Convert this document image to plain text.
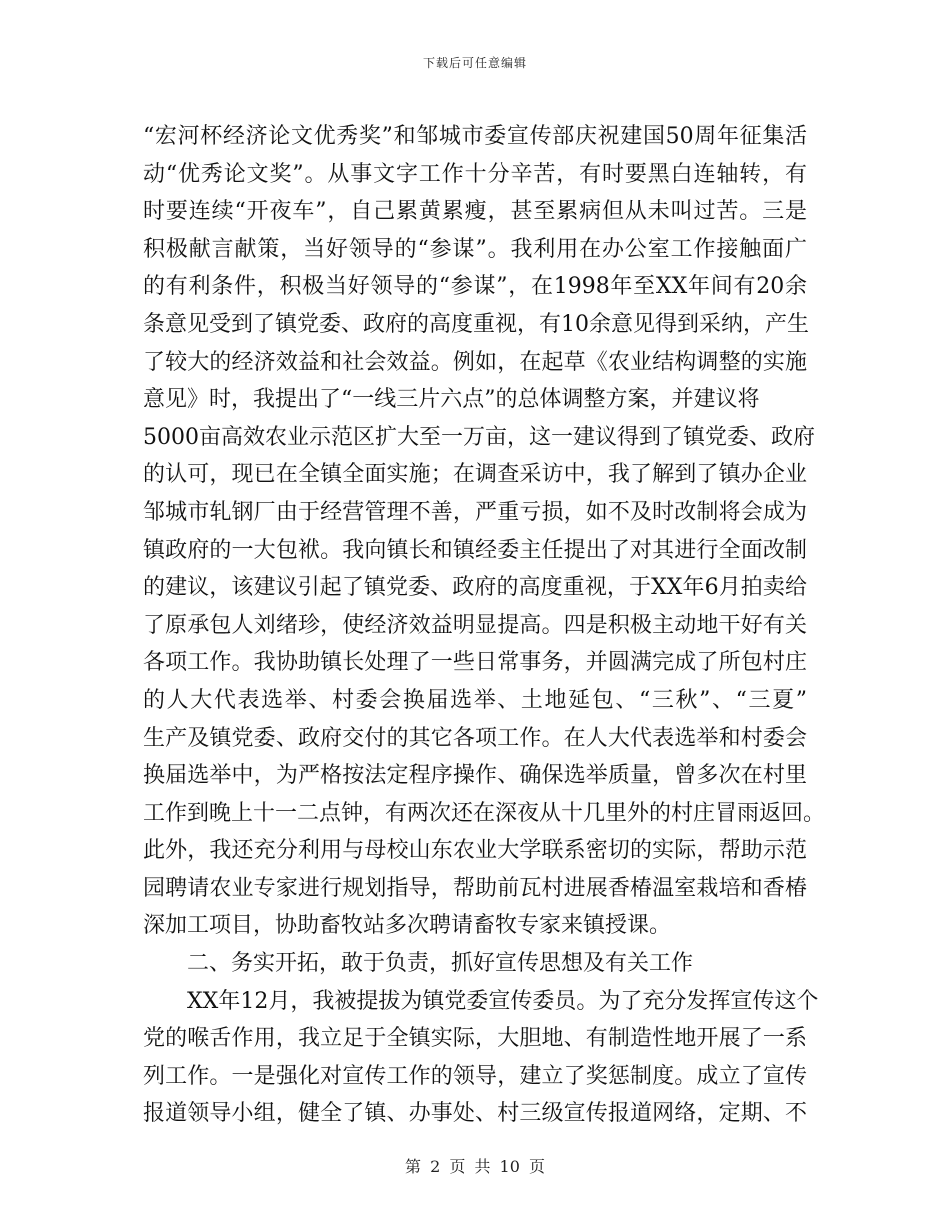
下载后可任意编辑
“宏河杯经济论文优秀奖”和邹城市委宣传部庆祝建国50周年征集活
动“优秀论文奖”。从事文字工作十分辛苦，有时要黑白连轴转，有
时要连续“开夜车”，自己累黄累瘦，甚至累病但从未叫过苦。三是
积极献言献策，当好领导的“参谋”。我利用在办公室工作接触面广
的有利条件，积极当好领导的“参谋”，在1998年至XX年间有20余
条意见受到了镇党委、政府的高度重视，有10余意见得到采纳，产生
了较大的经济效益和社会效益。例如，在起草《农业结构调整的实施
意见》时，我提出了“一线三片六点”的总体调整方案，并建议将
5000亩高效农业示范区扩大至一万亩，这一建议得到了镇党委、政府
的认可，现已在全镇全面实施；在调查采访中，我了解到了镇办企业
邹城市轧钢厂由于经营管理不善，严重亏损，如不及时改制将会成为
镇政府的一大包袱。我向镇长和镇经委主任提出了对其进行全面改制
的建议，该建议引起了镇党委、政府的高度重视，于XX年6月拍卖给
了原承包人刘绪珍，使经济效益明显提高。四是积极主动地干好有关
各项工作。我协助镇长处理了一些日常事务，并圆满完成了所包村庄
的人大代表选举、村委会换届选举、土地延包、“三秋”、“三夏”
生产及镇党委、政府交付的其它各项工作。在人大代表选举和村委会
换届选举中，为严格按法定程序操作、确保选举质量，曾多次在村里
工作到晚上十一二点钟，有两次还在深夜从十几里外的村庄冒雨返回。
此外，我还充分利用与母校山东农业大学联系密切的实际，帮助示范
园聘请农业专家进行规划指导，帮助前瓦村进展香椿温室栽培和香椿
深加工项目，协助畜牧站多次聘请畜牧专家来镇授课。
二、务实开拓，敢于负责，抓好宣传思想及有关工作
XX年12月，我被提拔为镇党委宣传委员。为了充分发挥宣传这个
党的喉舌作用，我立足于全镇实际，大胆地、有制造性地开展了一系
列工作。一是强化对宣传工作的领导，建立了奖惩制度。成立了宣传
报道领导小组，健全了镇、办事处、村三级宣传报道网络，定期、不
第 2 页 共 10 页
